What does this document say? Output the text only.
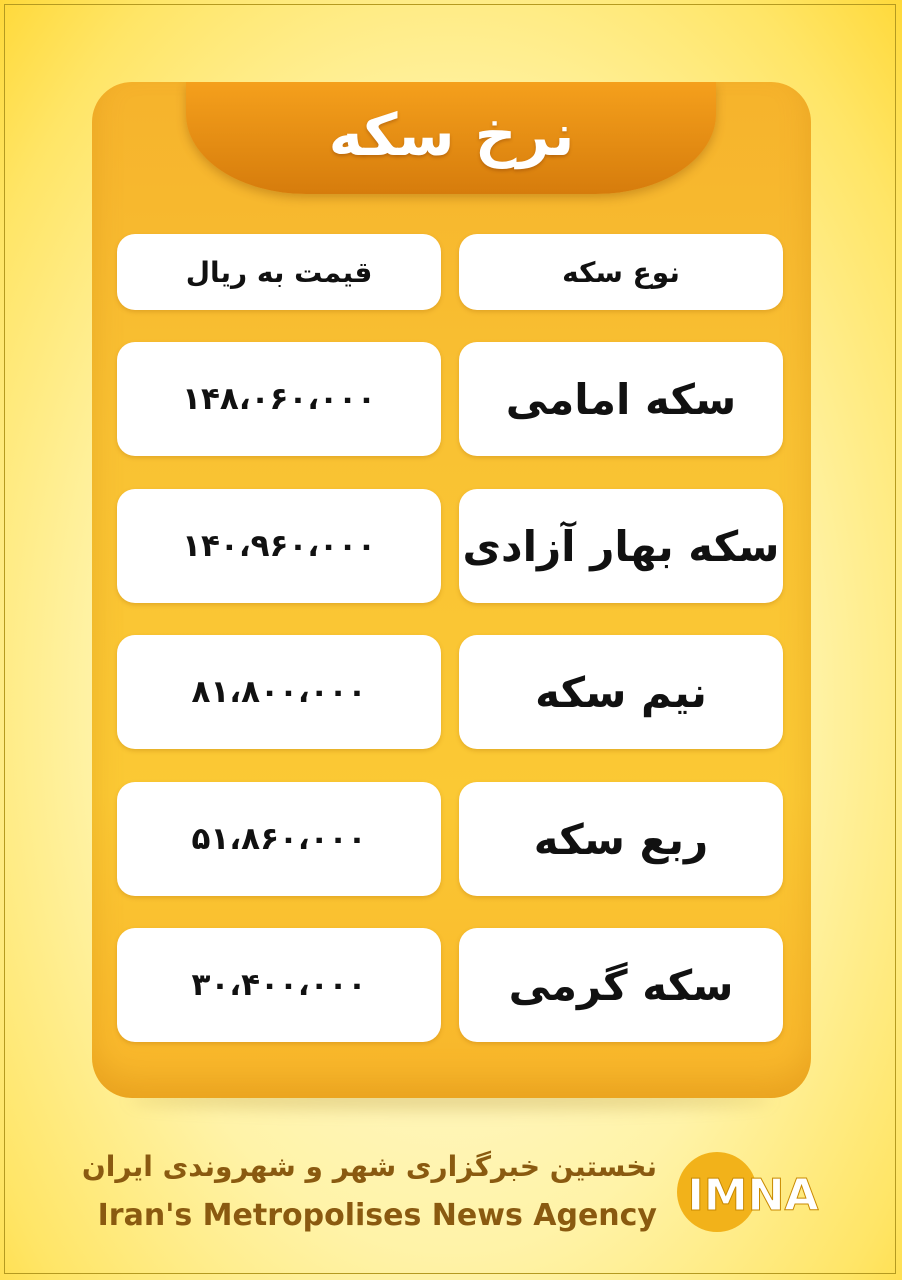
نرخ سکه
نوع سکه
قیمت به ریال
سکه امامی
۱۴۸،۰۶۰،۰۰۰
سکه بهار آزادی
۱۴۰،۹۶۰،۰۰۰
نیم سکه
۸۱،۸۰۰،۰۰۰
ربع سکه
۵۱،۸۶۰،۰۰۰
سکه گرمی
۳۰،۴۰۰،۰۰۰
نخستین خبرگزاری شهر و شهروندی ایران
Iran's Metropolises News Agency IMNA
